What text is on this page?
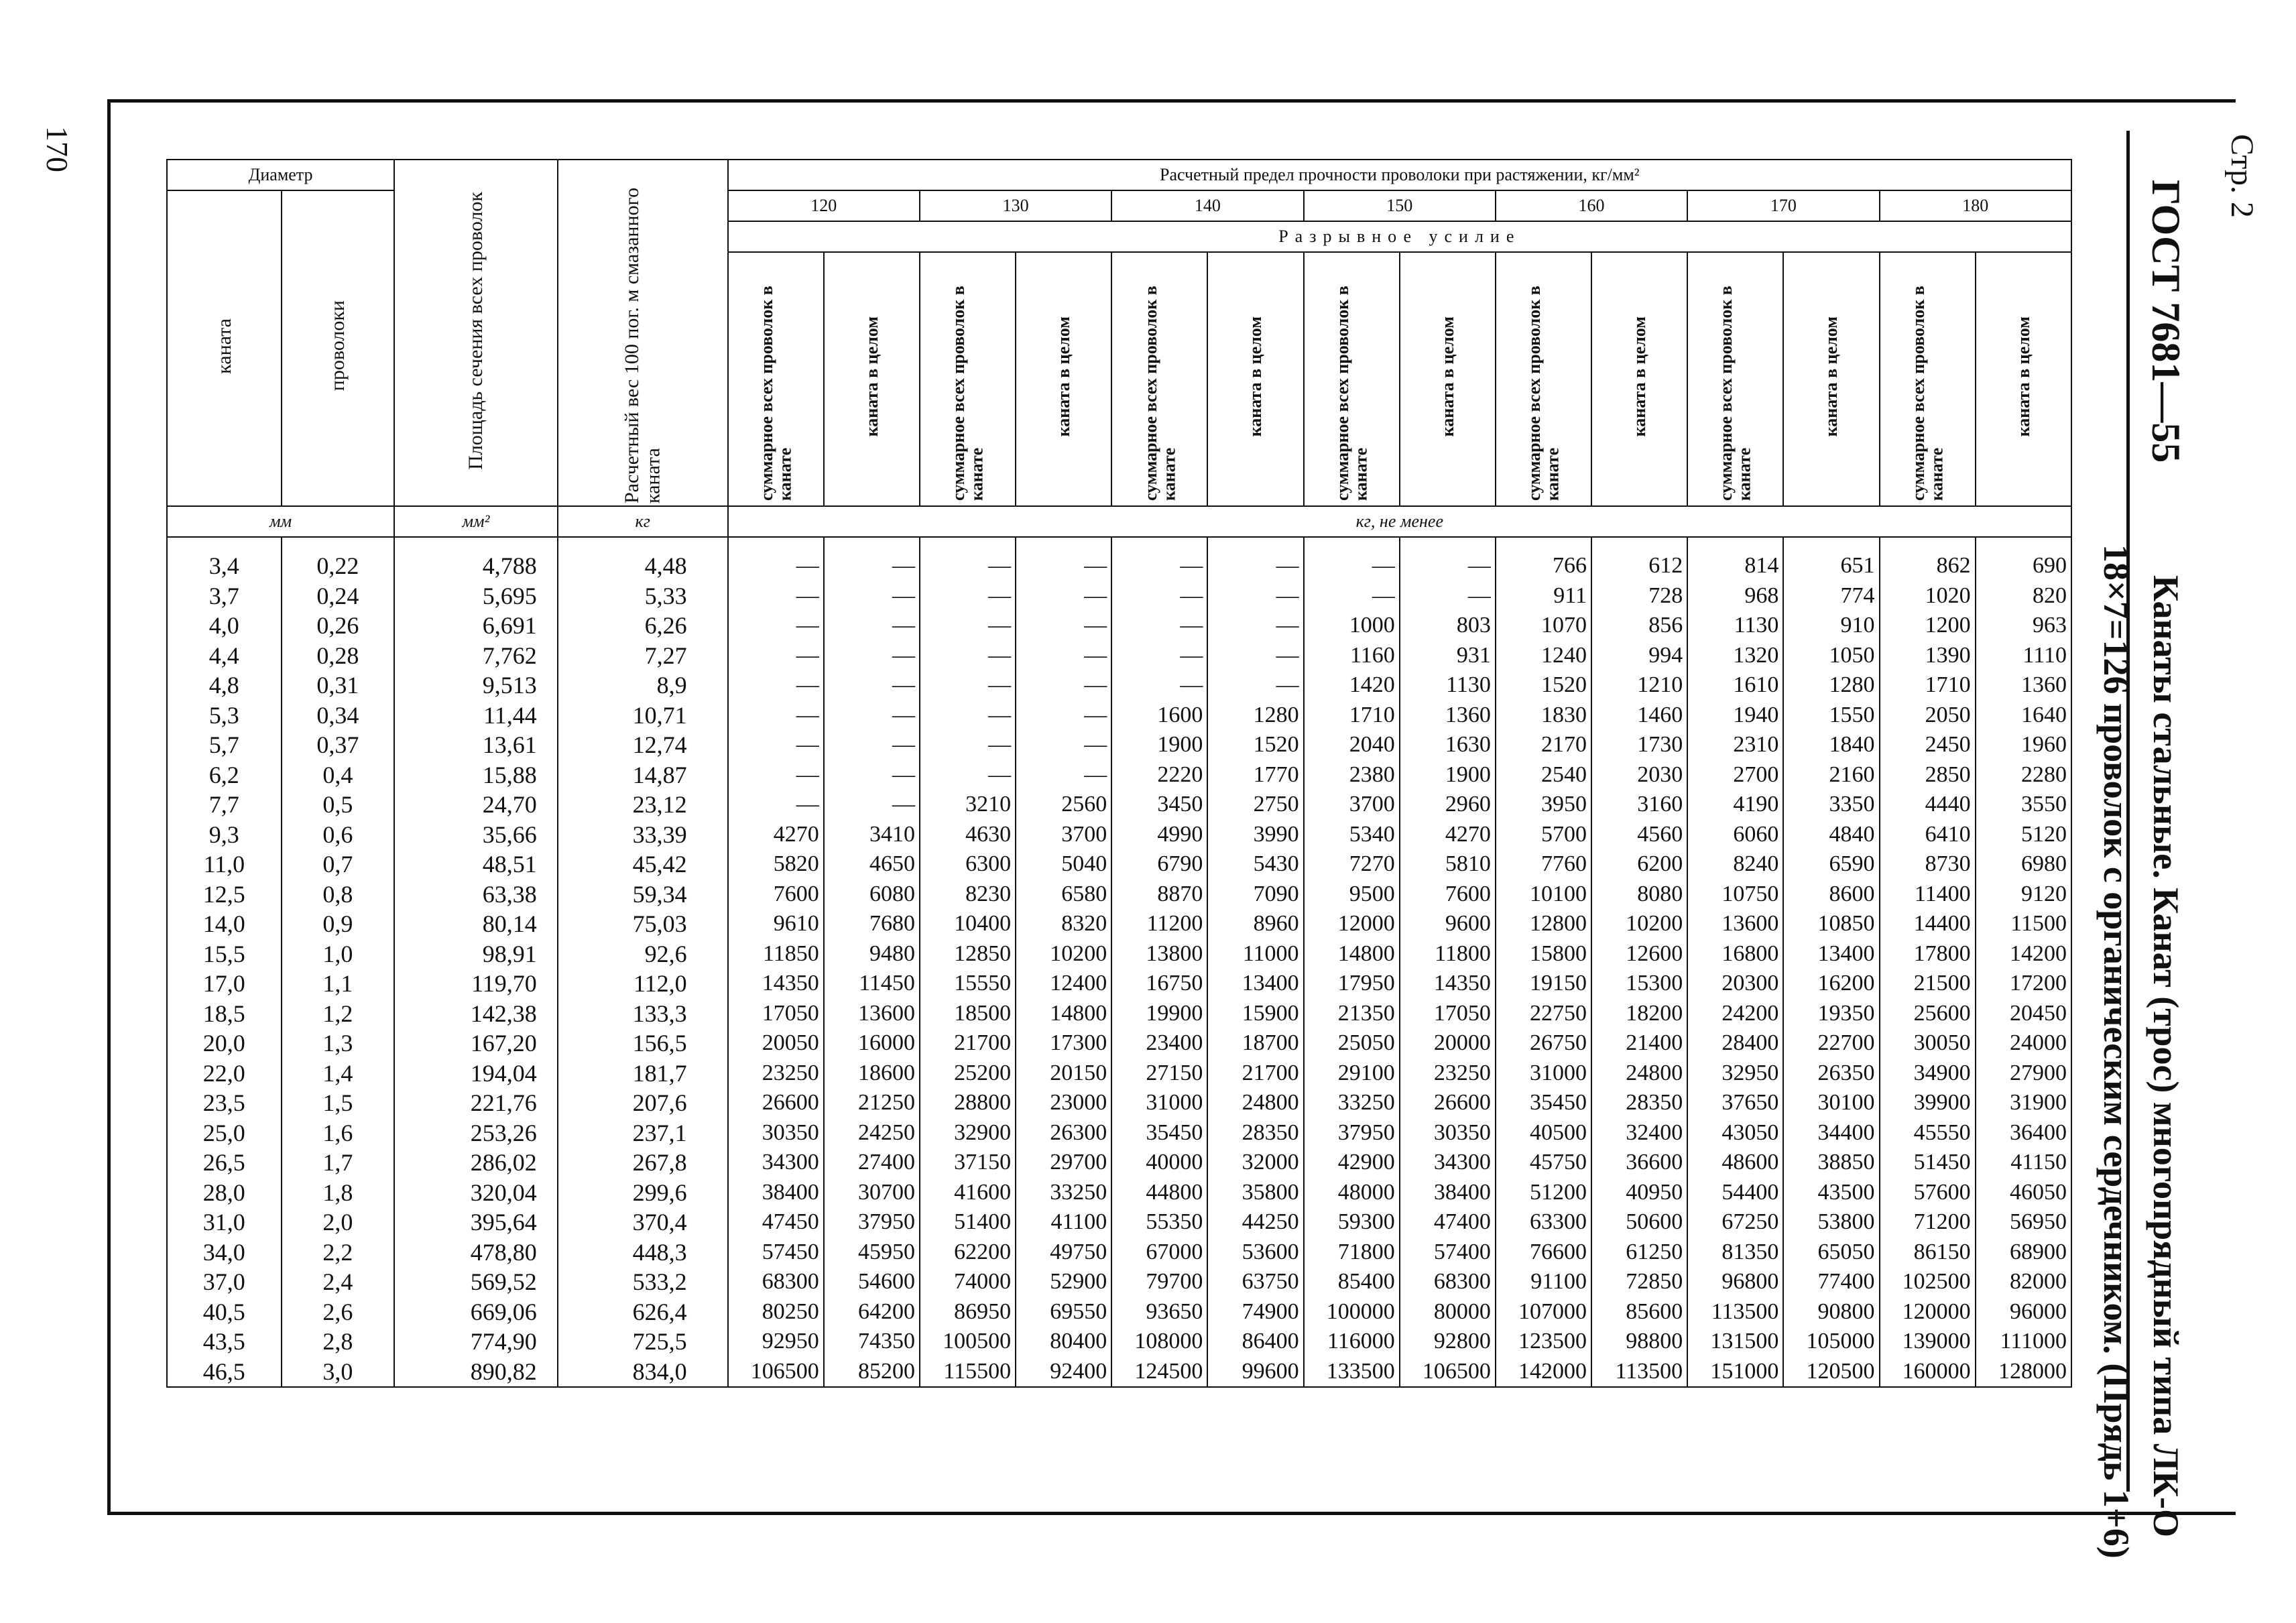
170	Стр. 2
ГОСТ 7681—55
Канаты стальные. Канат (трос) многопрядный типа ЛК-О
18×7=126 проволок с органическим сердечником. (Прядь 1+6)
Диаметр		Площадь сечения всех проволок	Расчетный вес 100 пог. м смазанного каната	Расчетный предел прочности проволоки при растяжении, кг/мм²													
каната	проволоки			120		130		140		150		160		170		180	
				Разрывное усилие													
				суммарное всех проволок в канате	каната в целом	суммарное всех проволок в канате	каната в целом	суммарное всех проволок в канате	каната в целом	суммарное всех проволок в канате	каната в целом	суммарное всех проволок в канате	каната в целом	суммарное всех проволок в канате	каната в целом	суммарное всех проволок в канате	каната в целом
мм		мм²	кг	кг, не менее													
3,4	0,22	4,788	4,48	—	—	—	—	—	—	—	—	766	612	814	651	862	690
3,7	0,24	5,695	5,33	—	—	—	—	—	—	—	—	911	728	968	774	1020	820
4,0	0,26	6,691	6,26	—	—	—	—	—	—	1000	803	1070	856	1130	910	1200	963
4,4	0,28	7,762	7,27	—	—	—	—	—	—	1160	931	1240	994	1320	1050	1390	1110
4,8	0,31	9,513	8,9	—	—	—	—	—	—	1420	1130	1520	1210	1610	1280	1710	1360
5,3	0,34	11,44	10,71	—	—	—	—	1600	1280	1710	1360	1830	1460	1940	1550	2050	1640
5,7	0,37	13,61	12,74	—	—	—	—	1900	1520	2040	1630	2170	1730	2310	1840	2450	1960
6,2	0,4	15,88	14,87	—	—	—	—	2220	1770	2380	1900	2540	2030	2700	2160	2850	2280
7,7	0,5	24,70	23,12	—	—	3210	2560	3450	2750	3700	2960	3950	3160	4190	3350	4440	3550
9,3	0,6	35,66	33,39	4270	3410	4630	3700	4990	3990	5340	4270	5700	4560	6060	4840	6410	5120
11,0	0,7	48,51	45,42	5820	4650	6300	5040	6790	5430	7270	5810	7760	6200	8240	6590	8730	6980
12,5	0,8	63,38	59,34	7600	6080	8230	6580	8870	7090	9500	7600	10100	8080	10750	8600	11400	9120
14,0	0,9	80,14	75,03	9610	7680	10400	8320	11200	8960	12000	9600	12800	10200	13600	10850	14400	11500
15,5	1,0	98,91	92,6	11850	9480	12850	10200	13800	11000	14800	11800	15800	12600	16800	13400	17800	14200
17,0	1,1	119,70	112,0	14350	11450	15550	12400	16750	13400	17950	14350	19150	15300	20300	16200	21500	17200
18,5	1,2	142,38	133,3	17050	13600	18500	14800	19900	15900	21350	17050	22750	18200	24200	19350	25600	20450
20,0	1,3	167,20	156,5	20050	16000	21700	17300	23400	18700	25050	20000	26750	21400	28400	22700	30050	24000
22,0	1,4	194,04	181,7	23250	18600	25200	20150	27150	21700	29100	23250	31000	24800	32950	26350	34900	27900
23,5	1,5	221,76	207,6	26600	21250	28800	23000	31000	24800	33250	26600	35450	28350	37650	30100	39900	31900
25,0	1,6	253,26	237,1	30350	24250	32900	26300	35450	28350	37950	30350	40500	32400	43050	34400	45550	36400
26,5	1,7	286,02	267,8	34300	27400	37150	29700	40000	32000	42900	34300	45750	36600	48600	38850	51450	41150
28,0	1,8	320,04	299,6	38400	30700	41600	33250	44800	35800	48000	38400	51200	40950	54400	43500	57600	46050
31,0	2,0	395,64	370,4	47450	37950	51400	41100	55350	44250	59300	47400	63300	50600	67250	53800	71200	56950
34,0	2,2	478,80	448,3	57450	45950	62200	49750	67000	53600	71800	57400	76600	61250	81350	65050	86150	68900
37,0	2,4	569,52	533,2	68300	54600	74000	52900	79700	63750	85400	68300	91100	72850	96800	77400	102500	82000
40,5	2,6	669,06	626,4	80250	64200	86950	69550	93650	74900	100000	80000	107000	85600	113500	90800	120000	96000
43,5	2,8	774,90	725,5	92950	74350	100500	80400	108000	86400	116000	92800	123500	98800	131500	105000	139000	111000
46,5	3,0	890,82	834,0	106500	85200	115500	92400	124500	99600	133500	106500	142000	113500	151000	120500	160000	128000
